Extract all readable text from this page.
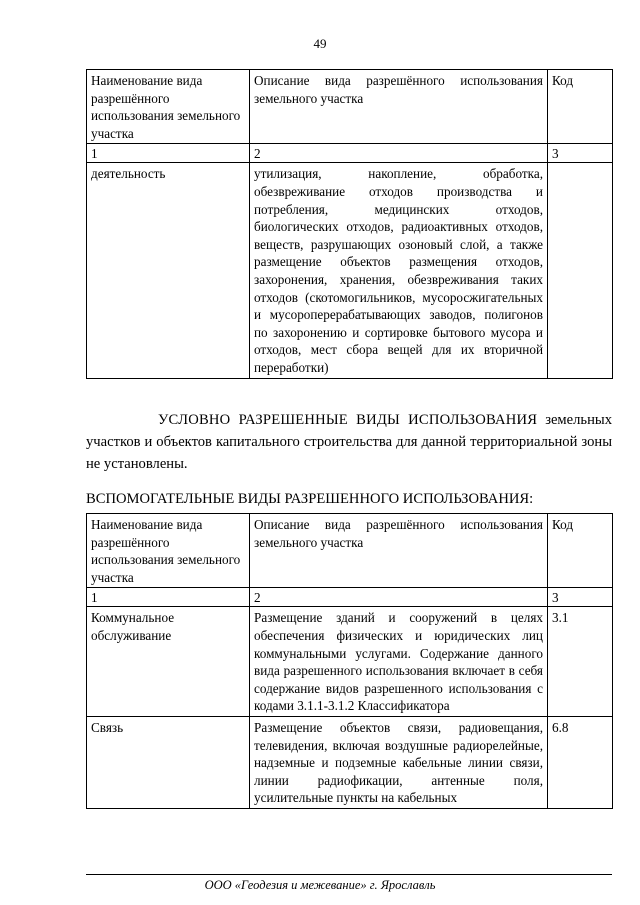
49
Наименование вида разрешённого использования земельного участка	Описание вида разрешённого использования земельного участка	Код
1	2	3
деятельность	утилизация, накопление, обработка, обезвреживание отходов производства и потребления, медицинских отходов, биологических отходов, радиоактивных отходов, веществ, разрушающих озоновый слой, а также размещение объектов размещения отходов, захоронения, хранения, обезвреживания таких отходов (скотомогильников, мусоросжигательных и мусороперерабатывающих заводов, полигонов по захоронению и сортировке бытового мусора и отходов, мест сбора вещей для их вторичной переработки)	
УСЛОВНО РАЗРЕШЕННЫЕ ВИДЫ ИСПОЛЬЗОВАНИЯ земельных участков и объектов капитального строительства для данной территориальной зоны не установлены.
ВСПОМОГАТЕЛЬНЫЕ ВИДЫ РАЗРЕШЕННОГО ИСПОЛЬЗОВАНИЯ:
Наименование вида разрешённого использования земельного участка	Описание вида разрешённого использования земельного участка	Код
1	2	3
Коммунальное обслуживание	Размещение зданий и сооружений в целях обеспечения физических и юридических лиц коммунальными услугами. Содержание данного вида разрешенного использования включает в себя содержание видов разрешенного использования с кодами 3.1.1-3.1.2 Классификатора	3.1
Связь	Размещение объектов связи, радиовещания, телевидения, включая воздушные радиорелейные, надземные и подземные кабельные линии связи, линии радиофикации, антенные поля, усилительные пункты на кабельных	6.8
ООО «Геодезия и межевание» г. Ярославль
